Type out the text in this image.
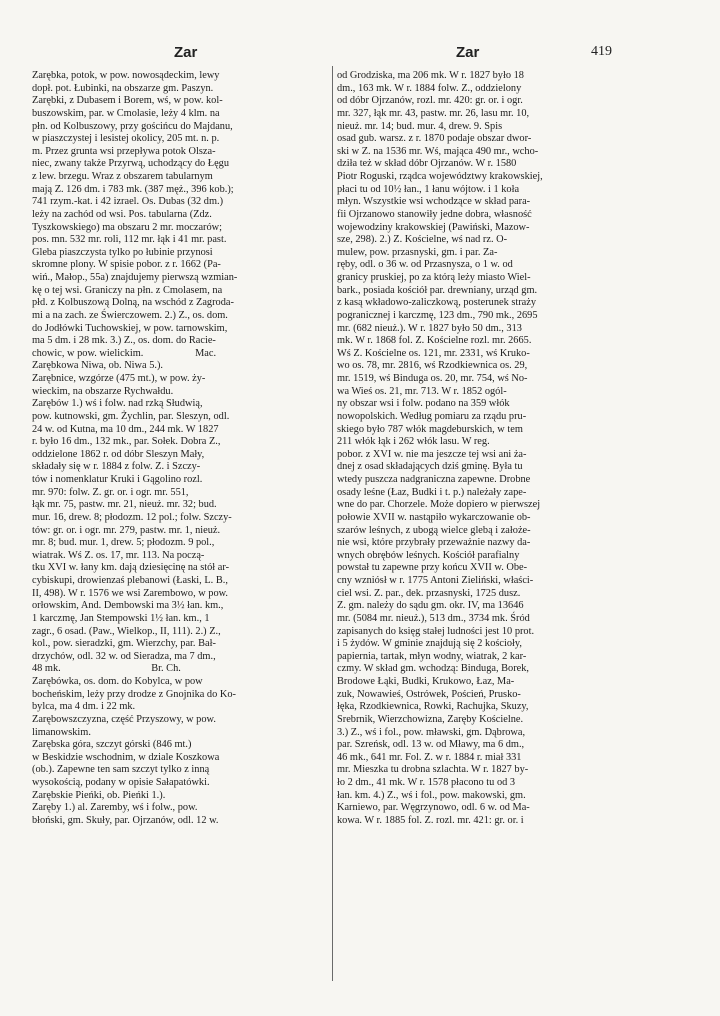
Zar	Zar	419
Zarębka, potok, w pow. nowosądeckim, lewy
dopł. pot. Łubinki, na obszarze gm. Paszyn.
Zarębki, z Dubasem i Borem, wś, w pow. kol-
buszowskim, par. w Cmolasie, leży 4 klm. na
płn. od Kolbuszowy, przy gościńcu do Majdanu,
w piaszczystej i lesistej okolicy, 205 mt. n. p.
m. Przez grunta wsi przepływa potok Olsza-
niec, zwany także Przyrwą, uchodzący do Łęgu
z lew. brzegu. Wraz z obszarem tabularnym
mają Z. 126 dm. i 783 mk. (387 męż., 396 kob.);
741 rzym.-kat. i 42 izrael. Os. Dubas (32 dm.)
leży na zachód od wsi. Pos. tabularna (Zdz.
Tyszkowskiego) ma obszaru 2 mr. moczarów;
pos. mn. 532 mr. roli, 112 mr. łąk i 41 mr. past.
Gleba piaszczysta tylko po łubinie przynosi
skromne plony. W spisie pobor. z r. 1662 (Pa-
wiń., Małop., 55a) znajdujemy pierwszą wzmian-
kę o tej wsi. Graniczy na płn. z Cmolasem, na
płd. z Kolbuszową Dolną, na wschód z Zagroda-
mi a na zach. ze Świerczowem. 2.) Z., os. dom.
do Jodłówki Tuchowskiej, w pow. tarnowskim,
ma 5 dm. i 28 mk. 3.) Z., os. dom. do Racie-
chowic, w pow. wielickim.                    Mac.
Zarębkowa Niwa, ob. Niwa 5.).
Zarębnice, wzgórze (475 mt.), w pow. ży-
wieckim, na obszarze Rychwałdu.
Zarębów 1.) wś i folw. nad rzką Słudwią,
pow. kutnowski, gm. Żychlin, par. Sleszyn, odl.
24 w. od Kutna, ma 10 dm., 244 mk. W 1827
r. było 16 dm., 132 mk., par. Sołek. Dobra Z.,
oddzielone 1862 r. od dóbr Sleszyn Mały,
składały się w r. 1884 z folw. Z. i Szczy-
tów i nomenklatur Kruki i Gągolino rozl.
mr. 970: folw. Z. gr. or. i ogr. mr. 551,
łąk mr. 75, pastw. mr. 21, nieuż. mr. 32; bud.
mur. 16, drew. 8; płodozm. 12 pol.; folw. Szczy-
tów: gr. or. i ogr. mr. 279, pastw. mr. 1, nieuż.
mr. 8; bud. mur. 1, drew. 5; płodozm. 9 pol.,
wiatrak. Wś Z. os. 17, mr. 113. Na począ-
tku XVI w. łany km. dają dziesięcinę na stół ar-
cybiskupi, drowienzaś plebanowi (Łaski, L. B.,
II, 498). W r. 1576 we wsi Zarembowo, w pow.
orłowskim, And. Dembowski ma 3½ łan. km.,
1 karczmę, Jan Stempowski 1½ łan. km., 1
zagr., 6 osad. (Paw., Wielkop., II, 111). 2.) Z.,
kol., pow. sieradzki, gm. Wierzchy, par. Bał-
drzychów, odl. 32 w. od Sieradza, ma 7 dm.,
48 mk.                                   Br. Ch.
Zarębówka, os. dom. do Kobylca, w pow
bocheńskim, leży przy drodze z Gnojnika do Ko-
bylca, ma 4 dm. i 22 mk.
Zarębowszczyzna, część Przyszowy, w pow.
limanowskim.
Zarębska góra, szczyt górski (846 mt.)
w Beskidzie wschodnim, w dziale Koszkowa
(ob.). Zapewne ten sam szczyt tylko z inną
wysokością, podany w opisie Sałapatówki.
Zarębskie Pieńki, ob. Pieńki 1.).
Zaręby 1.) al. Zaremby, wś i folw., pow.
błoński, gm. Skuły, par. Ojrzanów, odl. 12 w.
od Grodziska, ma 206 mk. W r. 1827 było 18
dm., 163 mk. W r. 1884 folw. Z., oddzielony
od dóbr Ojrzanów, rozl. mr. 420: gr. or. i ogr.
mr. 327, łąk mr. 43, pastw. mr. 26, lasu mr. 10,
nieuż. mr. 14; bud. mur. 4, drew. 9. Spis
osad gub. warsz. z r. 1870 podaje obszar dwor-
ski w Z. na 1536 mr. Wś, mająca 490 mr., wcho-
dziła też w skład dóbr Ojrzanów. W r. 1580
Piotr Roguski, rządca województwy krakowskiej,
płaci tu od 10½ łan., 1 łanu wójtow. i 1 koła
młyn. Wszystkie wsi wchodzące w skład para-
fii Ojrzanowo stanowiły jedne dobra, własność
wojewodziny krakowskiej (Pawiński, Mazow-
sze, 298). 2.) Z. Kościelne, wś nad rz. O-
mulew, pow. przasnyski, gm. i par. Za-
ręby, odl. o 36 w. od Przasnysza, o 1 w. od
granicy pruskiej, po za którą leży miasto Wiel-
bark., posiada kościół par. drewniany, urząd gm.
z kasą wkładowo-zaliczkową, posterunek straży
pogranicznej i karczmę, 123 dm., 790 mk., 2695
mr. (682 nieuż.). W r. 1827 było 50 dm., 313
mk. W r. 1868 fol. Z. Kościelne rozl. mr. 2665.
Wś Z. Kościelne os. 121, mr. 2331, wś Kruko-
wo os. 78, mr. 2816, wś Rzodkiewnica os. 29,
mr. 1519, wś Binduga os. 20, mr. 754, wś No-
wa Wieś os. 21, mr. 713. W r. 1852 ogól-
ny obszar wsi i folw. podano na 359 włók
nowopolskich. Według pomiaru za rządu pru-
skiego było 787 włók magdeburskich, w tem
211 włók łąk i 262 włók lasu. W reg.
pobor. z XVI w. nie ma jeszcze tej wsi ani ża-
dnej z osad składających dziś gminę. Była tu
wtedy puszcza nadgraniczna zapewne. Drobne
osady leśne (Łaz, Budki i t. p.) należały zape-
wne do par. Chorzele. Może dopiero w pierwszej
połowie XVII w. nastąpiło wykarczowanie ob-
szarów leśnych, z ubogą wielce glebą i założe-
nie wsi, które przybrały przeważnie nazwy da-
wnych obrębów leśnych. Kościół parafialny
powstał tu zapewne przy końcu XVII w. Obe-
cny wzniósł w r. 1775 Antoni Zieliński, właści-
ciel wsi. Z. par., dek. przasnyski, 1725 dusz.
Z. gm. należy do sądu gm. okr. IV, ma 13646
mr. (5084 mr. nieuż.), 513 dm., 3734 mk. Śród
zapisanych do księg stałej ludności jest 10 prot.
i 5 żydów. W gminie znajdują się 2 kościoły,
papiernia, tartak, młyn wodny, wiatrak, 2 kar-
czmy. W skład gm. wchodzą: Binduga, Borek,
Brodowe Łąki, Budki, Krukowo, Łaz, Ma-
zuk, Nowawieś, Ostrówek, Poścień, Prusko-
łęka, Rzodkiewnica, Rowki, Rachujka, Skuzy,
Srebrnik, Wierzchowizna, Zaręby Kościelne.
3.) Z., wś i fol., pow. mławski, gm. Dąbrowa,
par. Szreńsk, odl. 13 w. od Mławy, ma 6 dm.,
46 mk., 641 mr. Fol. Z. w r. 1884 r. miał 331
mr. Mieszka tu drobna szlachta. W r. 1827 by-
ło 2 dm., 41 mk. W r. 1578 płacono tu od 3
łan. km. 4.) Z., wś i fol., pow. makowski, gm.
Karniewo, par. Węgrzynowo, odl. 6 w. od Ma-
kowa. W r. 1885 fol. Z. rozl. mr. 421: gr. or. i
